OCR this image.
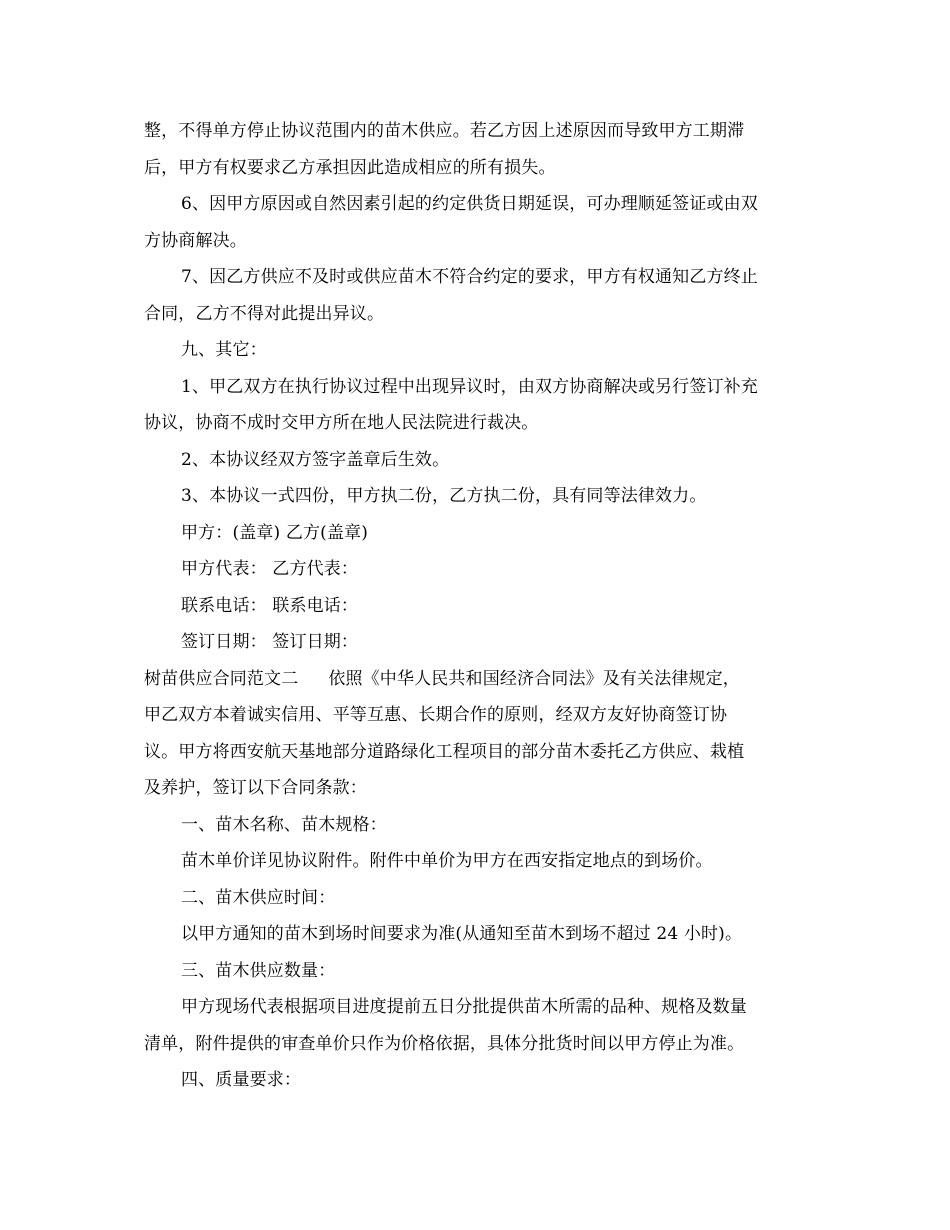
整，不得单方停止协议范围内的苗木供应。若乙方因上述原因而导致甲方工期滞
后，甲方有权要求乙方承担因此造成相应的所有损失。
6、因甲方原因或自然因素引起的约定供货日期延误，可办理顺延签证或由双
方协商解决。
7、因乙方供应不及时或供应苗木不符合约定的要求，甲方有权通知乙方终止
合同，乙方不得对此提出异议。
九、其它：
1、甲乙双方在执行协议过程中出现异议时，由双方协商解决或另行签订补充
协议，协商不成时交甲方所在地人民法院进行裁决。
2、本协议经双方签字盖章后生效。
3、本协议一式四份，甲方执二份，乙方执二份，具有同等法律效力。
甲方：(盖章) 乙方(盖章)
甲方代表： 乙方代表：
联系电话： 联系电话：
签订日期： 签订日期：
树苗供应合同范文二 依照《中华人民共和国经济合同法》及有关法律规定，
甲乙双方本着诚实信用、平等互惠、长期合作的原则，经双方友好协商签订协
议。甲方将西安航天基地部分道路绿化工程项目的部分苗木委托乙方供应、栽植
及养护，签订以下合同条款：
一、苗木名称、苗木规格：
苗木单价详见协议附件。附件中单价为甲方在西安指定地点的到场价。
二、苗木供应时间：
以甲方通知的苗木到场时间要求为准(从通知至苗木到场不超过 24 小时)。
三、苗木供应数量：
甲方现场代表根据项目进度提前五日分批提供苗木所需的品种、规格及数量
清单，附件提供的审查单价只作为价格依据，具体分批货时间以甲方停止为准。
四、质量要求：
